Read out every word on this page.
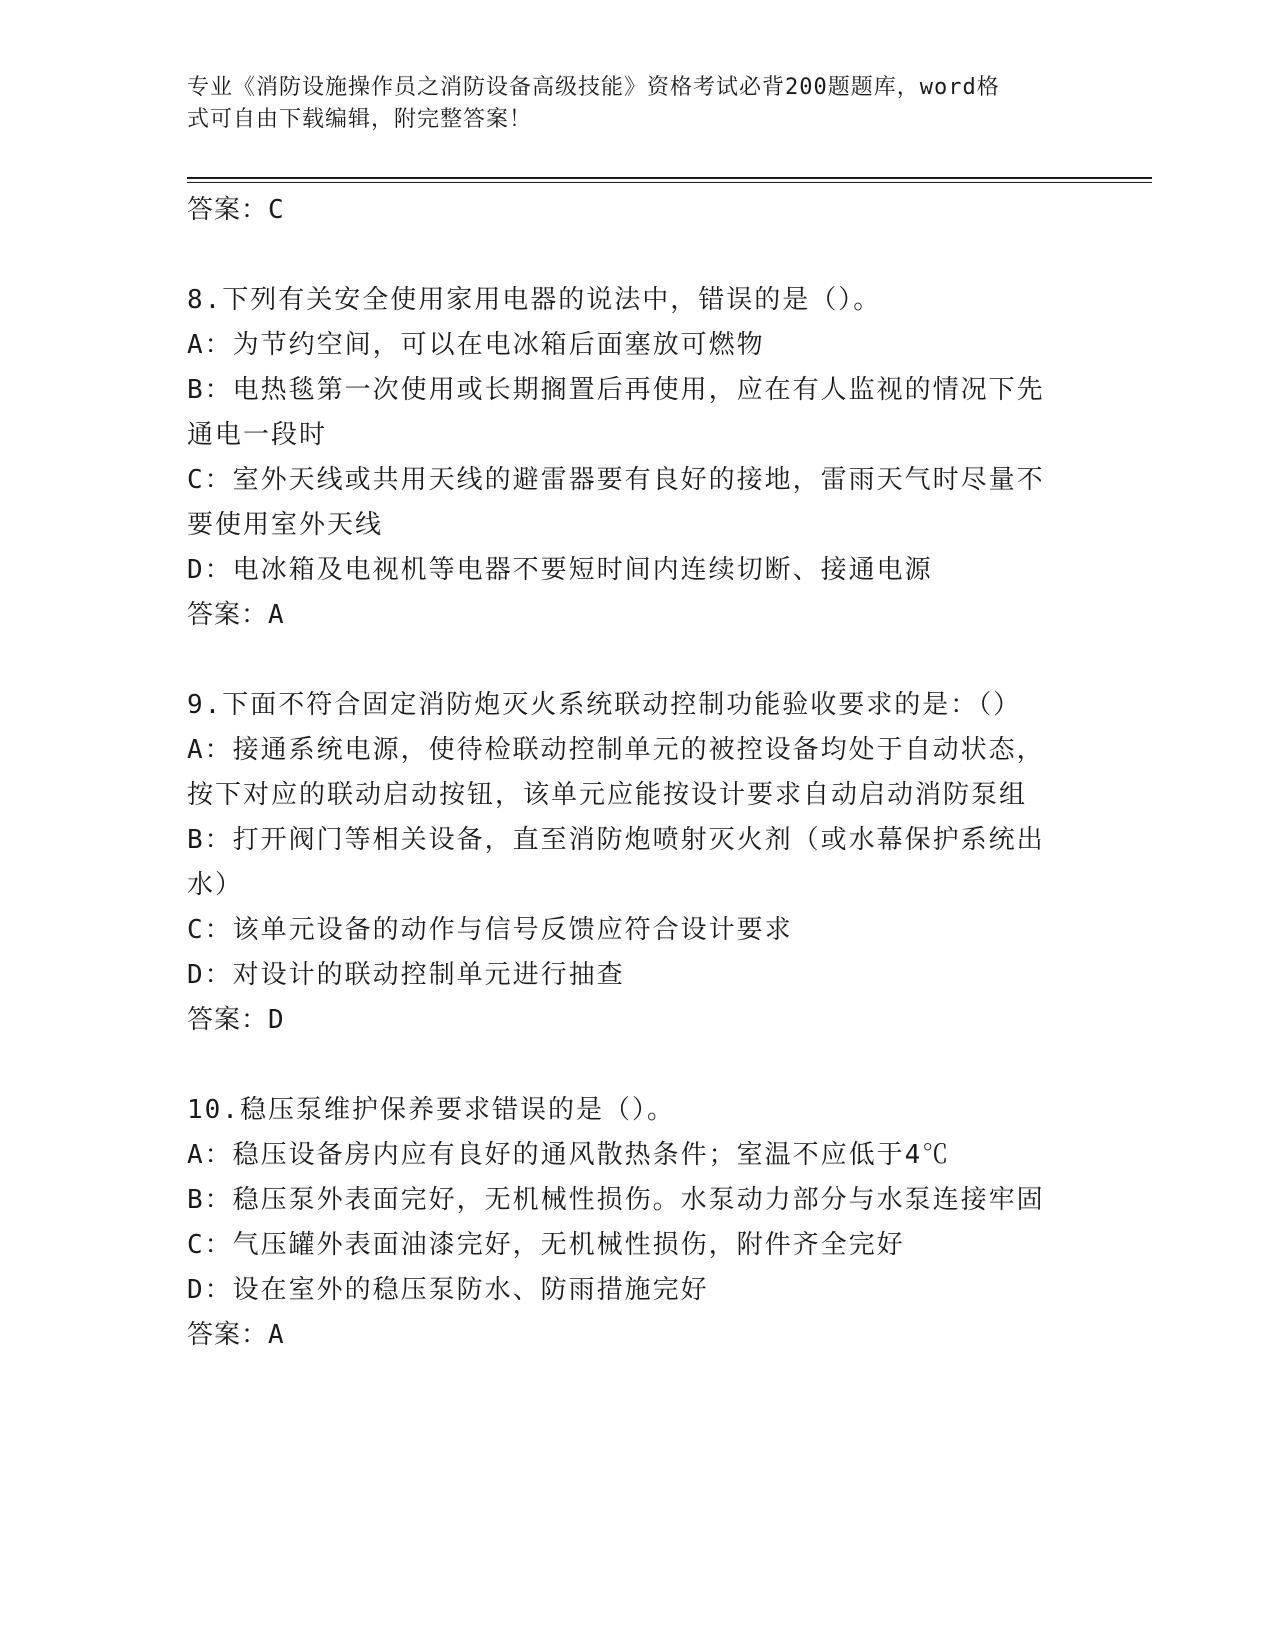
专业《消防设施操作员之消防设备高级技能》资格考试必背200题题库，word格

式可自由下载编辑，附完整答案！

答案：C

8.下列有关安全使用家用电器的说法中，错误的是（）。

A：为节约空间，可以在电冰箱后面塞放可燃物

B：电热毯第一次使用或长期搁置后再使用，应在有人监视的情况下先

通电一段时

C：室外天线或共用天线的避雷器要有良好的接地，雷雨天气时尽量不

要使用室外天线

D：电冰箱及电视机等电器不要短时间内连续切断、接通电源

答案：A

9.下面不符合固定消防炮灭火系统联动控制功能验收要求的是：（）

A：接通系统电源，使待检联动控制单元的被控设备均处于自动状态，

按下对应的联动启动按钮，该单元应能按设计要求自动启动消防泵组

B：打开阀门等相关设备，直至消防炮喷射灭火剂（或水幕保护系统出

水）

C：该单元设备的动作与信号反馈应符合设计要求

D：对设计的联动控制单元进行抽查

答案：D

10.稳压泵维护保养要求错误的是（）。

A：稳压设备房内应有良好的通风散热条件；室温不应低于4℃

B：稳压泵外表面完好，无机械性损伤。水泵动力部分与水泵连接牢固

C：气压罐外表面油漆完好，无机械性损伤，附件齐全完好

D：设在室外的稳压泵防水、防雨措施完好

答案：A
